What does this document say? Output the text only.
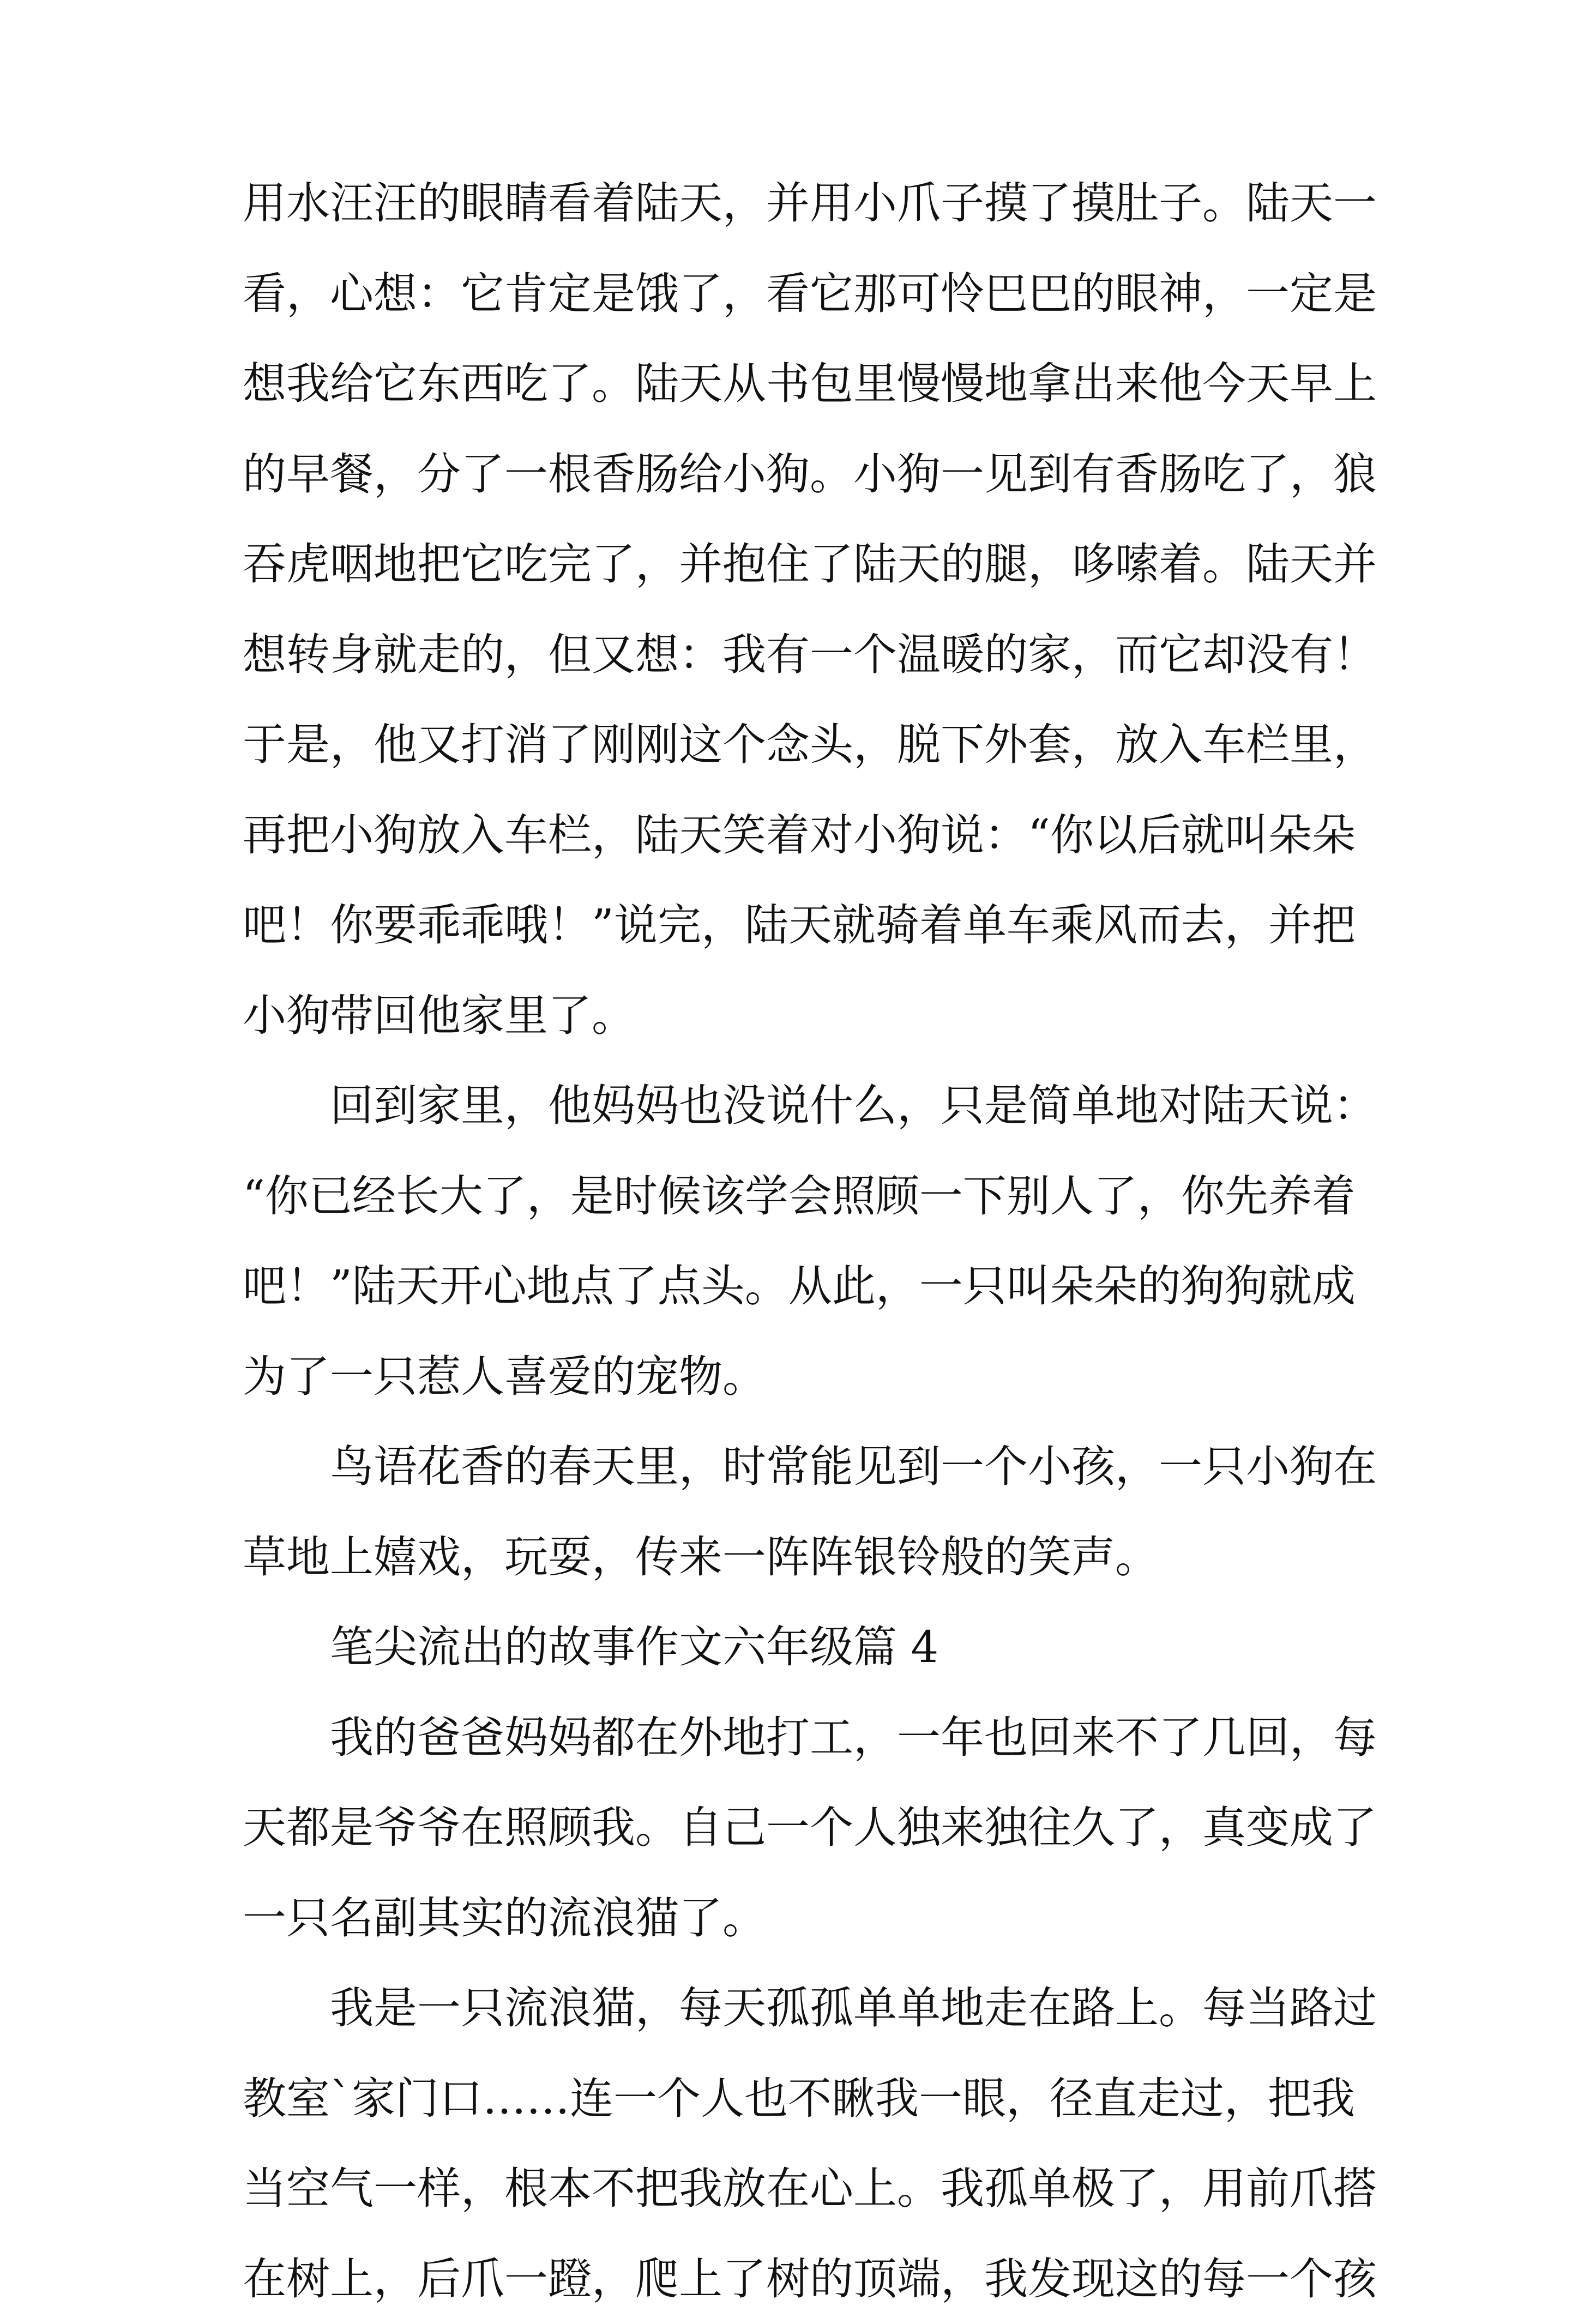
用水汪汪的眼睛看着陆天，并用小爪子摸了摸肚子。陆天一
看，心想：它肯定是饿了，看它那可怜巴巴的眼神，一定是
想我给它东西吃了。陆天从书包里慢慢地拿出来他今天早上
的早餐，分了一根香肠给小狗。小狗一见到有香肠吃了，狼
吞虎咽地把它吃完了，并抱住了陆天的腿，哆嗦着。陆天并
想转身就走的，但又想：我有一个温暖的家，而它却没有！
于是，他又打消了刚刚这个念头，脱下外套，放入车栏里，
再把小狗放入车栏，陆天笑着对小狗说：“你以后就叫朵朵
吧！你要乖乖哦！”说完，陆天就骑着单车乘风而去，并把
小狗带回他家里了。

回到家里，他妈妈也没说什么，只是简单地对陆天说：
“你已经长大了，是时候该学会照顾一下别人了，你先养着
吧！”陆天开心地点了点头。从此，一只叫朵朵的狗狗就成
为了一只惹人喜爱的宠物。

鸟语花香的春天里，时常能见到一个小孩，一只小狗在
草地上嬉戏，玩耍，传来一阵阵银铃般的笑声。

笔尖流出的故事作文六年级篇 4

我的爸爸妈妈都在外地打工，一年也回来不了几回，每
天都是爷爷在照顾我。自己一个人独来独往久了，真变成了
一只名副其实的流浪猫了。

我是一只流浪猫，每天孤孤单单地走在路上。每当路过
教室`家门口……连一个人也不瞅我一眼，径直走过，把我
当空气一样，根本不把我放在心上。我孤单极了，用前爪搭
在树上，后爪一蹬，爬上了树的顶端，我发现这的每一个孩
